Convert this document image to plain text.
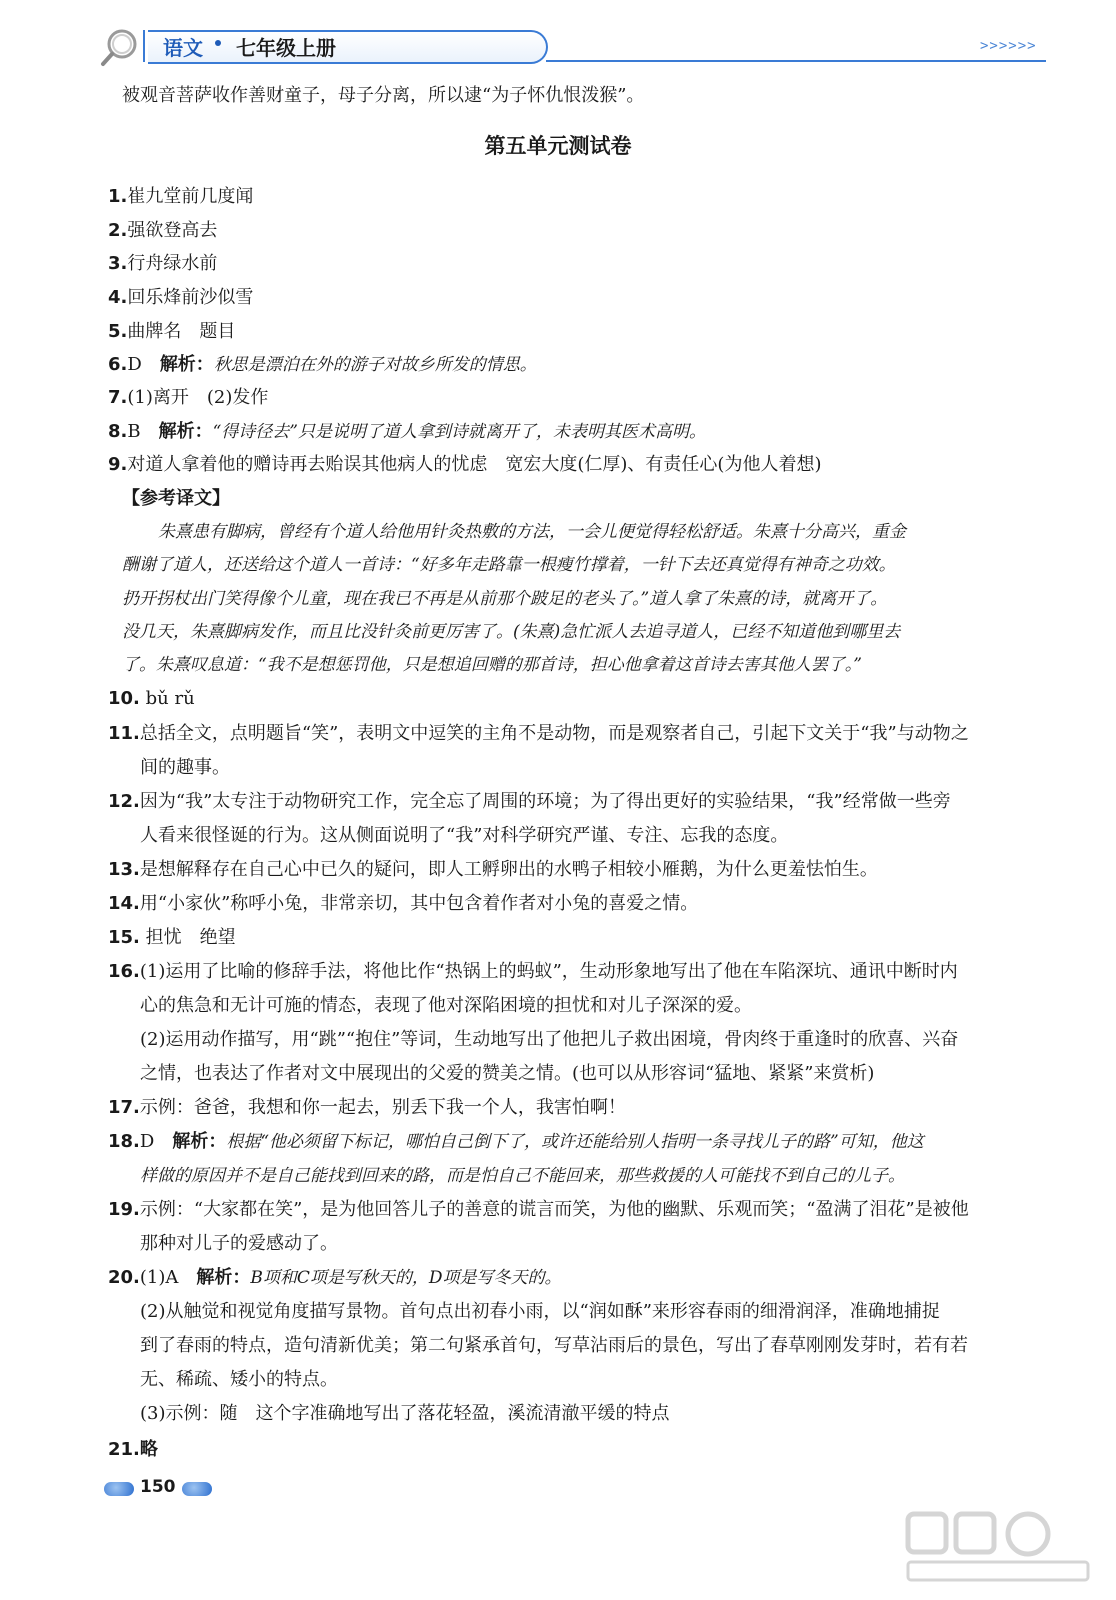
语文 七年级上册	>>>>>>
被观音菩萨收作善财童子，母子分离，所以逮“为子怀仇恨泼猴”。
第五单元测试卷
1.崔九堂前几度闻
2.强欲登高去
3.行舟绿水前
4.回乐烽前沙似雪
5.曲牌名　题目
6.D　解析：秋思是漂泊在外的游子对故乡所发的情思。
7.(1)离开　(2)发作
8.B　解析：“得诗径去”只是说明了道人拿到诗就离开了，未表明其医术高明。
9.对道人拿着他的赠诗再去贻误其他病人的忧虑　宽宏大度(仁厚)、有责任心(为他人着想)
【参考译文】
朱熹患有脚病，曾经有个道人给他用针灸热敷的方法，一会儿便觉得轻松舒适。朱熹十分高兴，重金
酬谢了道人，还送给这个道人一首诗：“好多年走路靠一根瘦竹撑着，一针下去还真觉得有神奇之功效。
扔开拐杖出门笑得像个儿童，现在我已不再是从前那个跛足的老头了。”道人拿了朱熹的诗，就离开了。
没几天，朱熹脚病发作，而且比没针灸前更厉害了。(朱熹)急忙派人去追寻道人，已经不知道他到哪里去
了。朱熹叹息道：“我不是想惩罚他，只是想追回赠的那首诗，担心他拿着这首诗去害其他人罢了。”
10. bǔ rǔ
11.总括全文，点明题旨“笑”，表明文中逗笑的主角不是动物，而是观察者自己，引起下文关于“我”与动物之
间的趣事。
12.因为“我”太专注于动物研究工作，完全忘了周围的环境；为了得出更好的实验结果，“我”经常做一些旁
人看来很怪诞的行为。这从侧面说明了“我”对科学研究严谨、专注、忘我的态度。
13.是想解释存在自己心中已久的疑问，即人工孵卵出的水鸭子相较小雁鹅，为什么更羞怯怕生。
14.用“小家伙”称呼小兔，非常亲切，其中包含着作者对小兔的喜爱之情。
15. 担忧　绝望
16.(1)运用了比喻的修辞手法，将他比作“热锅上的蚂蚁”，生动形象地写出了他在车陷深坑、通讯中断时内
心的焦急和无计可施的情态，表现了他对深陷困境的担忧和对儿子深深的爱。
(2)运用动作描写，用“跳”“抱住”等词，生动地写出了他把儿子救出困境，骨肉终于重逢时的欣喜、兴奋
之情，也表达了作者对文中展现出的父爱的赞美之情。(也可以从形容词“猛地、紧紧”来赏析)
17.示例：爸爸，我想和你一起去，别丢下我一个人，我害怕啊！
18.D　解析：根据“他必须留下标记，哪怕自己倒下了，或许还能给别人指明一条寻找儿子的路”可知，他这
样做的原因并不是自己能找到回来的路，而是怕自己不能回来，那些救援的人可能找不到自己的儿子。
19.示例：“大家都在笑”，是为他回答儿子的善意的谎言而笑，为他的幽默、乐观而笑；“盈满了泪花”是被他
那种对儿子的爱感动了。
20.(1)A　解析：B项和C项是写秋天的，D项是写冬天的。
(2)从触觉和视觉角度描写景物。首句点出初春小雨，以“润如酥”来形容春雨的细滑润泽，准确地捕捉
到了春雨的特点，造句清新优美；第二句紧承首句，写草沾雨后的景色，写出了春草刚刚发芽时，若有若
无、稀疏、矮小的特点。
(3)示例：随　这个字准确地写出了落花轻盈，溪流清澈平缓的特点
21.略
150
